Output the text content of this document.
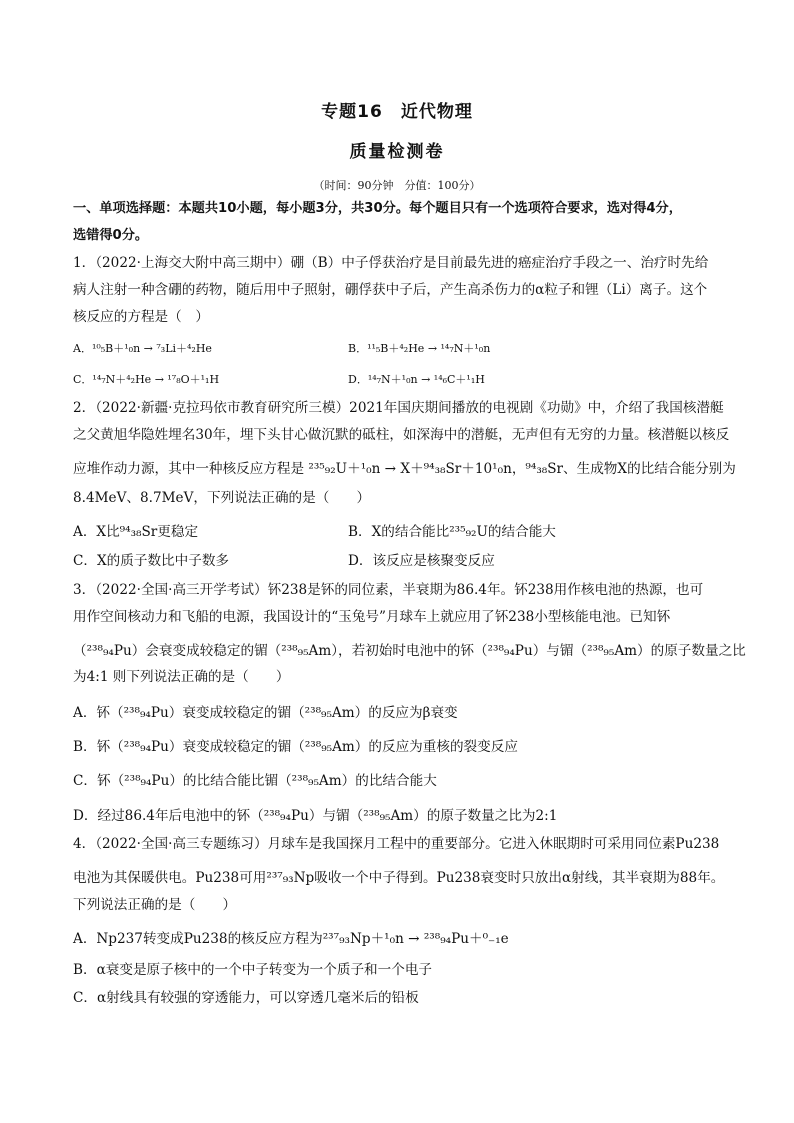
专题16　近代物理
质量检测卷
（时间：90分钟　分值：100分）
一、单项选择题：本题共10小题，每小题3分，共30分。每个题目只有一个选项符合要求，选对得4分，
选错得0分。
1．（2022·上海交大附中高三期中）硼（B）中子俘获治疗是目前最先进的癌症治疗手段之一、治疗时先给
病人注射一种含硼的药物，随后用中子照射，硼俘获中子后，产生高杀伤力的α粒子和锂（Li）离子。这个
核反应的方程是（　）
A．¹⁰₅B＋¹₀n → ⁷₃Li＋⁴₂He	B．¹¹₅B＋⁴₂He → ¹⁴₇N＋¹₀n
C．¹⁴₇N＋⁴₂He → ¹⁷₈O＋¹₁H	D．¹⁴₇N＋¹₀n → ¹⁴₆C＋¹₁H
2．（2022·新疆·克拉玛依市教育研究所三模）2021年国庆期间播放的电视剧《功勋》中，介绍了我国核潜艇
之父黄旭华隐姓埋名30年，埋下头甘心做沉默的砥柱，如深海中的潜艇，无声但有无穷的力量。核潜艇以核反
应堆作动力源，其中一种核反应方程是 ²³⁵₉₂U＋¹₀n → X＋⁹⁴₃₈Sr＋10¹₀n，⁹⁴₃₈Sr、生成物X的比结合能分别为
8.4MeV、8.7MeV，下列说法正确的是（　　）
A．X比⁹⁴₃₈Sr更稳定	B．X的结合能比²³⁵₉₂U的结合能大
C．X的质子数比中子数多	D．该反应是核聚变反应
3．（2022·全国·高三开学考试）钚238是钚的同位素，半衰期为86.4年。钚238用作核电池的热源，也可
用作空间核动力和飞船的电源，我国设计的“玉兔号”月球车上就应用了钚238小型核能电池。已知钚
（²³⁸₉₄Pu）会衰变成较稳定的镅（²³⁸₉₅Am），若初始时电池中的钚（²³⁸₉₄Pu）与镅（²³⁸₉₅Am）的原子数量之比
为4:1 则下列说法正确的是（　　）
A．钚（²³⁸₉₄Pu）衰变成较稳定的镅（²³⁸₉₅Am）的反应为β衰变
B．钚（²³⁸₉₄Pu）衰变成较稳定的镅（²³⁸₉₅Am）的反应为重核的裂变反应
C．钚（²³⁸₉₄Pu）的比结合能比镅（²³⁸₉₅Am）的比结合能大
D．经过86.4年后电池中的钚（²³⁸₉₄Pu）与镅（²³⁸₉₅Am）的原子数量之比为2:1
4．（2022·全国·高三专题练习）月球车是我国探月工程中的重要部分。它进入休眠期时可采用同位素Pu238
电池为其保暖供电。Pu238可用²³⁷₉₃Np吸收一个中子得到。Pu238衰变时只放出α射线，其半衰期为88年。
下列说法正确的是（　　）
A．Np237转变成Pu238的核反应方程为²³⁷₉₃Np＋¹₀n → ²³⁸₉₄Pu＋⁰₋₁e
B．α衰变是原子核中的一个中子转变为一个质子和一个电子
C．α射线具有较强的穿透能力，可以穿透几毫米后的铅板
